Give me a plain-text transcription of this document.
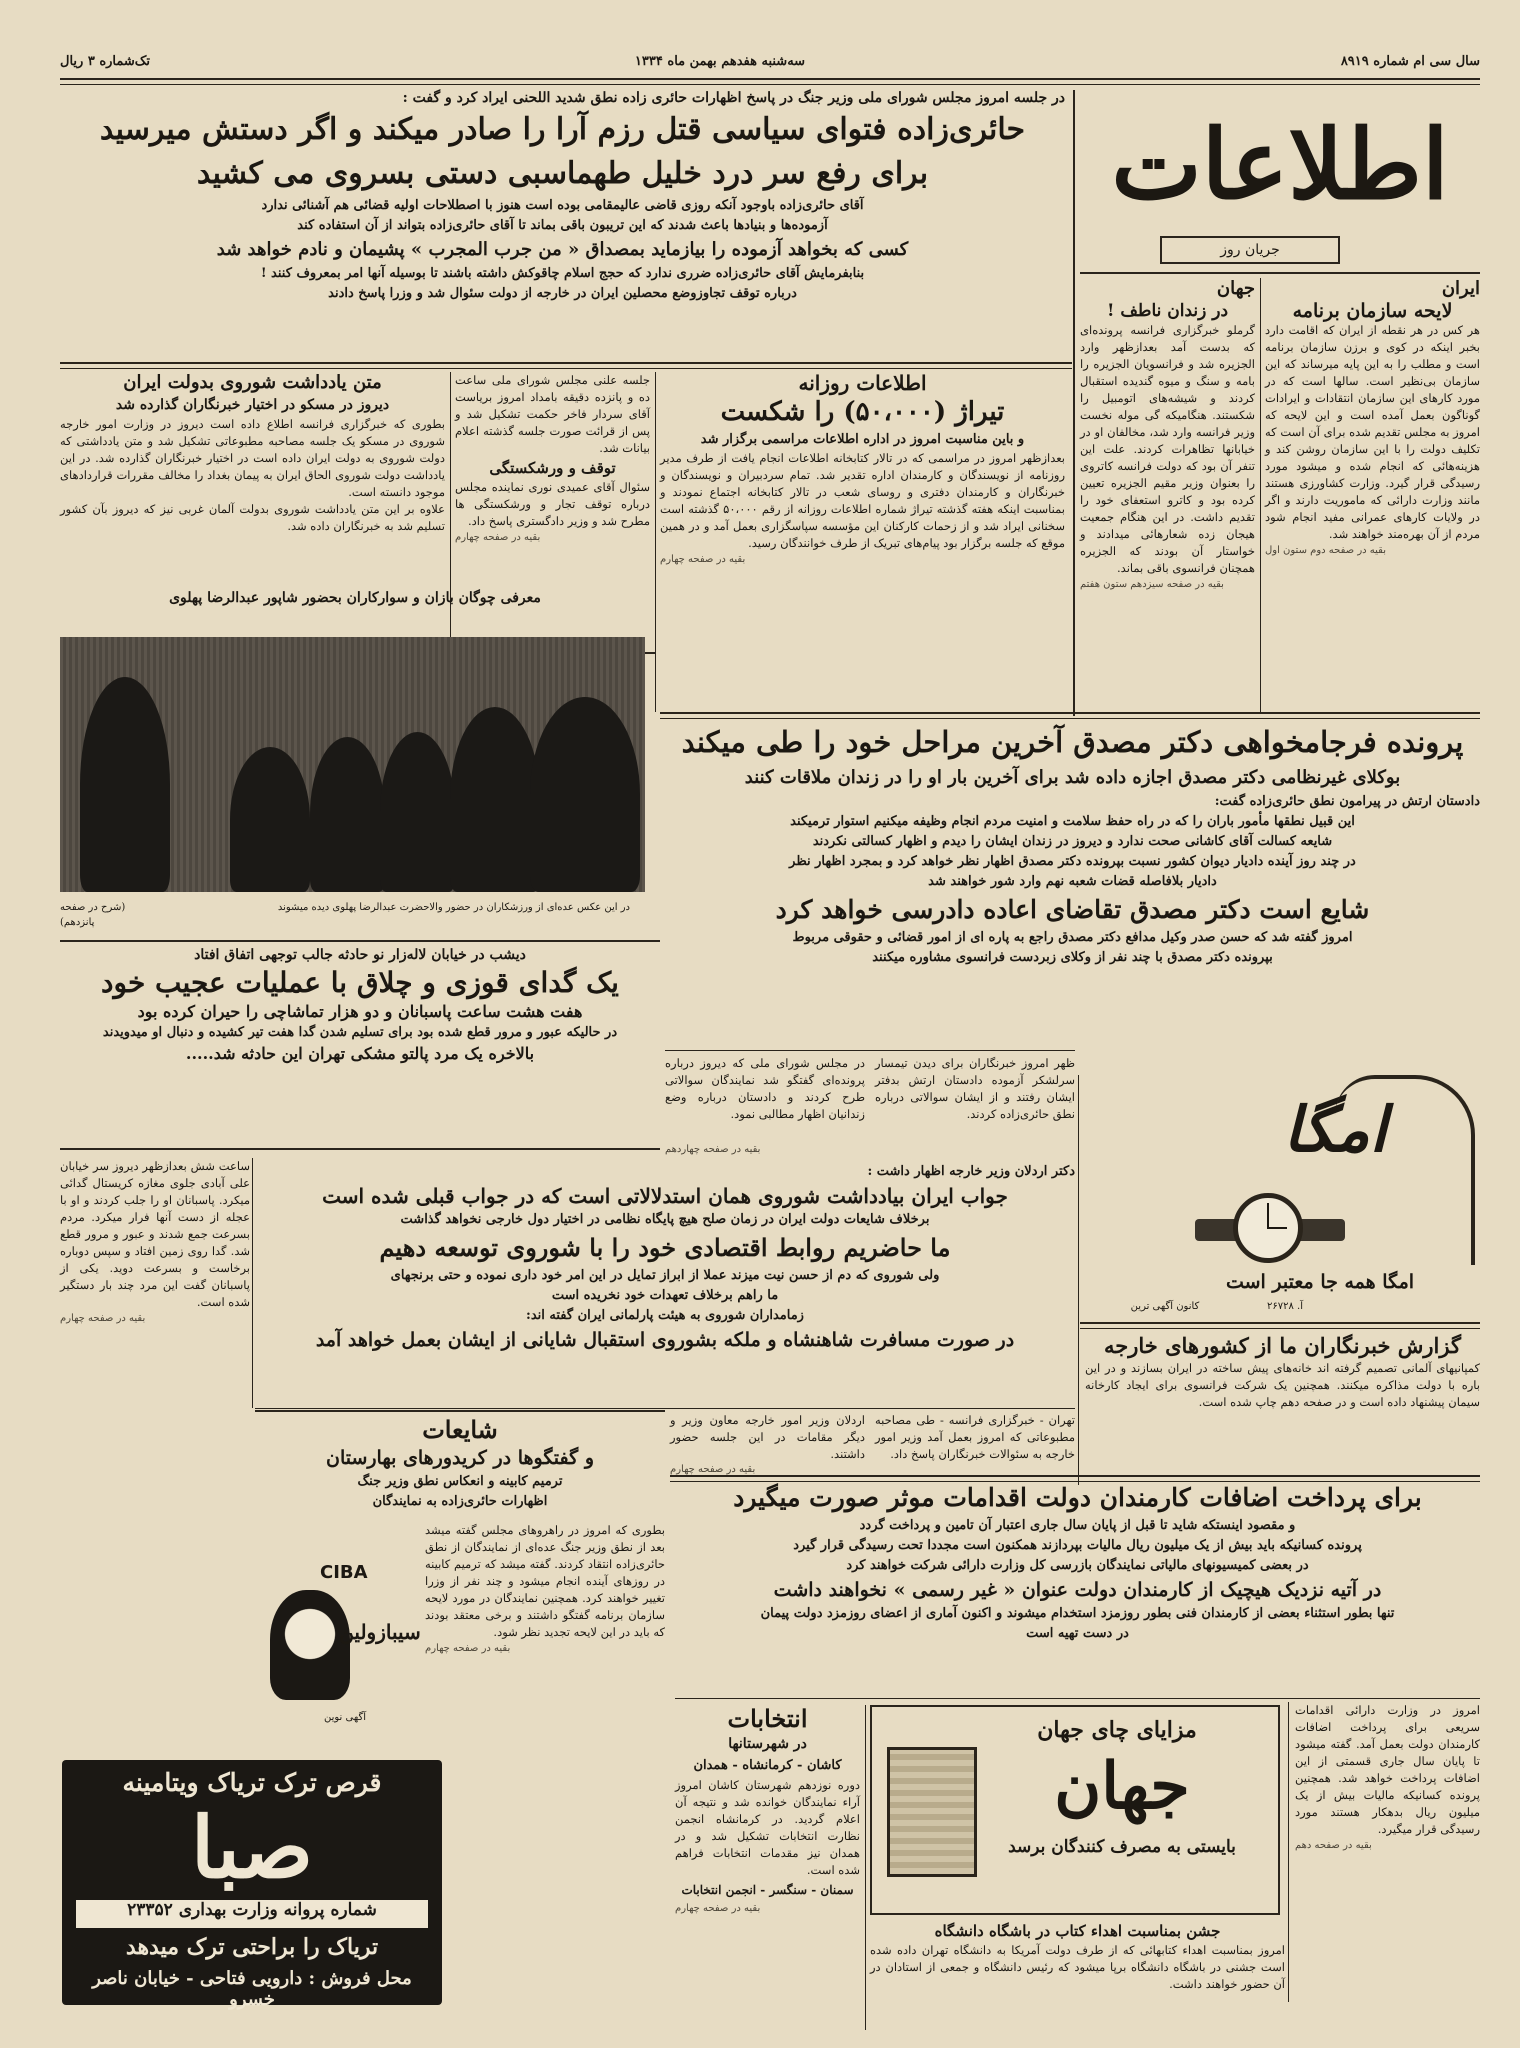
سال سی ام شماره ۸۹۱۹
سه‌شنبه هفدهم بهمن ماه ۱۳۳۴
تک‌شماره ۳ ریال
اطلاعات
جریان روز
ایران
لایحه سازمان برنامه
هر کس در هر نقطه از ایران که اقامت دارد بخبر اینکه در کوی و برزن سازمان برنامه است و مطلب را به این پایه میرساند که این سازمان بی‌نظیر است. سالها است که در مورد کارهای این سازمان انتقادات و ایرادات گوناگون بعمل آمده است و این لایحه که امروز به مجلس تقدیم شده برای آن است که تکلیف دولت را با این سازمان روشن کند و هزینه‌هائی که انجام شده و میشود مورد رسیدگی قرار گیرد. وزارت کشاورزی هستند مانند وزارت دارائی که ماموریت دارند و اگر در ولایات کارهای عمرانی مفید انجام شود مردم از آن بهره‌مند خواهند شد.
بقیه در صفحه دوم ستون اول
جهان
در زندان ناطف !
گرملو خبرگزاری فرانسه پرونده‌ای که بدست آمد بعدازظهر وارد الجزیره شد و فرانسویان الجزیره را بامه و سنگ و میوه گندیده استقبال کردند و شیشه‌های اتومبیل را شکستند. هنگامیکه گی موله نخست وزیر فرانسه وارد شد، مخالفان او در خیابانها تظاهرات کردند. علت این تنفر آن بود که دولت فرانسه کاتروی را بعنوان وزیر مقیم الجزیره تعیین کرده بود و کاترو استعفای خود را تقدیم داشت. در این هنگام جمعیت هیجان زده شعارهائی میدادند و خواستار آن بودند که الجزیره همچنان فرانسوی باقی بماند.
بقیه در صفحه سیزدهم ستون هفتم
در جلسه امروز مجلس شورای ملی وزیر جنگ در پاسخ اظهارات حائری زاده نطق شدید اللحنی ایراد کرد و گفت :
حائری‌زاده فتوای سیاسی قتل رزم آرا را صادر میکند و اگر دستش میرسید
برای رفع سر درد خلیل طهماسبی دستی بسروی می کشید
آقای حائری‌زاده باوجود آنکه روزی قاضی عالیمقامی بوده است هنوز با اصطلاحات اولیه قضائی هم آشنائی ندارد
آزموده‌ها و بنیادها باعث شدند که این تریبون باقی بماند تا آقای حائری‌زاده بتواند از آن استفاده کند
کسی که بخواهد آزموده را بیازماید بمصداق « من جرب المجرب » پشیمان و نادم خواهد شد
بنابفرمایش آقای حائری‌زاده ضرری ندارد که حجج اسلام چاقوکش داشته باشند تا بوسیله آنها امر بمعروف کنند !
درباره توقف تجاوزوضع محصلین ایران در خارجه از دولت سئوال شد و وزرا پاسخ دادند
اطلاعات روزانه
تیراژ (۵۰،۰۰۰) را شکست
و باین مناسبت امروز در اداره اطلاعات مراسمی برگزار شد
بعدازظهر امروز در مراسمی که در تالار کتابخانه اطلاعات انجام یافت از طرف مدیر روزنامه از نویسندگان و کارمندان اداره تقدیر شد. تمام سردبیران و نویسندگان و خبرنگاران و کارمندان دفتری و روسای شعب در تالار کتابخانه اجتماع نمودند و بمناسبت اینکه هفته گذشته تیراژ شماره اطلاعات روزانه از رقم ۵۰،۰۰۰ گذشته است سخنانی ایراد شد و از زحمات کارکنان این مؤسسه سپاسگزاری بعمل آمد و در همین موقع که جلسه برگزار بود پیام‌های تبریک از طرف خوانندگان رسید.
بقیه در صفحه چهارم
جلسه علنی مجلس شورای ملی ساعت ده و پانزده دقیقه بامداد امروز بریاست آقای سردار فاخر حکمت تشکیل شد و پس از قرائت صورت جلسه گذشته اعلام بیانات شد.
توقف و ورشکستگی
سئوال آقای عمیدی نوری نماینده مجلس درباره توقف تجار و ورشکستگی ها مطرح شد و وزیر دادگستری پاسخ داد.
بقیه در صفحه چهارم
متن یادداشت شوروی بدولت ایران
دیروز در مسکو در اختیار خبرنگاران گذارده شد
بطوری که خبرگزاری فرانسه اطلاع داده است دیروز در وزارت امور خارجه شوروی در مسکو یک جلسه مصاحبه مطبوعاتی تشکیل شد و متن یادداشتی که دولت شوروی به دولت ایران داده است در اختیار خبرنگاران گذارده شد. در این یادداشت دولت شوروی الحاق ایران به پیمان بغداد را مخالف مقررات قراردادهای موجود دانسته است.
علاوه بر این متن یادداشت شوروی بدولت آلمان غربی نیز که دیروز بآن کشور تسلیم شد به خبرنگاران داده شد.
معرفی چوگان بازان و سوارکاران بحضور شاپور عبدالرضا پهلوی
در این عکس عده‌ای از ورزشکاران در حضور والاحضرت عبدالرضا پهلوی دیده میشوند
(شرح در صفحه پانزدهم)
پرونده فرجامخواهی دکتر مصدق آخرین مراحل خود را طی میکند
بوکلای غیرنظامی دکتر مصدق اجازه داده شد برای آخرین بار او را در زندان ملاقات کنند
دادستان ارتش در پیرامون نطق حائری‌زاده گفت:
این قبیل نطقها مأمور باران را که در راه حفظ سلامت و امنیت مردم انجام وظیفه میکنیم استوار ترمیکند
شایعه کسالت آقای کاشانی صحت ندارد و دیروز در زندان ایشان را دیدم و اظهار کسالتی نکردند
در چند روز آینده دادیار دیوان کشور نسبت بپرونده دکتر مصدق اظهار نظر خواهد کرد و بمجرد اظهار نظر
دادیار بلافاصله قضات شعبه نهم وارد شور خواهند شد
شایع است دکتر مصدق تقاضای اعاده دادرسی خواهد کرد
امروز گفته شد که حسن صدر وکیل مدافع دکتر مصدق راجع به پاره ای از امور قضائی و حقوقی مربوط
بپرونده دکتر مصدق با چند نفر از وکلای زبردست فرانسوی مشاوره میکنند
ظهر امروز خبرنگاران برای دیدن تیمسار سرلشکر آزموده دادستان ارتش بدفتر ایشان رفتند و از ایشان سوالاتی درباره نطق حائری‌زاده کردند.
در مجلس شورای ملی که دیروز درباره پرونده‌ای گفتگو شد نمایندگان سوالاتی طرح کردند و دادستان درباره وضع زندانیان اظهار مطالبی نمود.
بقیه در صفحه چهاردهم
دیشب در خیابان لاله‌زار نو حادثه جالب توجهی اتفاق افتاد
یک گدای قوزی و چلاق با عملیات عجیب خود
هفت هشت ساعت پاسبانان و دو هزار تماشاچی را حیران کرده بود
در حالیکه عبور و مرور قطع شده بود برای تسلیم شدن گدا هفت تیر کشیده و دنبال او میدویدند
بالاخره یک مرد پالتو مشکی تهران این حادثه شد.....
دکتر اردلان وزیر خارجه اظهار داشت :
جواب ایران بیادداشت شوروی همان استدلالاتی است که در جواب قبلی شده است
برخلاف شایعات دولت ایران در زمان صلح هیچ پایگاه نظامی در اختیار دول خارجی نخواهد گذاشت
ما حاضریم روابط اقتصادی خود را با شوروی توسعه دهیم
ولی شوروی که دم از حسن نیت میزند عملا از ابراز تمایل در این امر خود داری نموده و حتی برنجهای
ما راهم برخلاف تعهدات خود نخریده است
زمامداران شوروی به هیئت پارلمانی ایران گفته اند:
در صورت مسافرت شاهنشاه و ملکه بشوروی استقبال شایانی از ایشان بعمل خواهد آمد
تهران - خبرگزاری فرانسه - طی مصاحبه مطبوعاتی که امروز بعمل آمد وزیر امور خارجه به سئوالات خبرنگاران پاسخ داد.
اردلان وزیر امور خارجه معاون وزیر و دیگر مقامات در این جلسه حضور داشتند.
بقیه در صفحه چهارم
ساعت شش بعدازظهر دیروز سر خیابان علی آبادی جلوی مغازه کریستال گدائی میکرد. پاسبانان او را جلب کردند و او با عجله از دست آنها فرار میکرد. مردم بسرعت جمع شدند و عبور و مرور قطع شد. گدا روی زمین افتاد و سپس دوباره برخاست و بسرعت دوید. یکی از پاسبانان گفت این مرد چند بار دستگیر شده است.
بقیه در صفحه چهارم
امگا
امگا همه جا معتبر است
آ. ۲۶۷۲۸
کانون آگهی ترین
گزارش خبرنگاران ما از کشورهای خارجه
کمپانیهای آلمانی تصمیم گرفته اند خانه‌های پیش ساخته در ایران بسازند و در این باره با دولت مذاکره میکنند. همچنین یک شرکت فرانسوی برای ایجاد کارخانه سیمان پیشنهاد داده است و در صفحه دهم چاپ شده است.
برای پرداخت اضافات کارمندان دولت اقدامات موثر صورت میگیرد
و مقصود اینستکه شاید تا قبل از پایان سال جاری اعتبار آن تامین و پرداخت گردد
پرونده کسانیکه باید بیش از یک میلیون ریال مالیات بپردازند همکنون است مجددا تحت رسیدگی قرار گیرد
در بعضی کمیسیونهای مالیاتی نمایندگان بازرسی کل وزارت دارائی شرکت خواهند کرد
در آتیه نزدیک هیچیک از کارمندان دولت عنوان « غیر رسمی » نخواهند داشت
تنها بطور استثناء بعضی از کارمندان فنی بطور روزمزد استخدام میشوند و اکنون آماری از اعضای روزمزد دولت پیمان
در دست تهیه است
امروز در وزارت دارائی اقدامات سریعی برای پرداخت اضافات کارمندان دولت بعمل آمد. گفته میشود تا پایان سال جاری قسمتی از این اضافات پرداخت خواهد شد. همچنین پرونده کسانیکه مالیات بیش از یک میلیون ریال بدهکار هستند مورد رسیدگی قرار میگیرد.
بقیه در صفحه دهم
مزایای چای جهان
جهان
بایستی به مصرف کنندگان برسد
جشن بمناسبت اهداء کتاب در باشگاه دانشگاه
امروز بمناسبت اهداء کتابهائی که از طرف دولت آمریکا به دانشگاه تهران داده شده است جشنی در باشگاه دانشگاه برپا میشود که رئیس دانشگاه و جمعی از استادان در آن حضور خواهند داشت.
انتخابات
در شهرستانها
کاشان - کرمانشاه - همدان
دوره نوزدهم شهرستان کاشان امروز آراء نمایندگان خوانده شد و نتیجه آن اعلام گردید. در کرمانشاه انجمن نظارت انتخابات تشکیل شد و در همدان نیز مقدمات انتخابات فراهم شده است.
سمنان - سنگسر - انجمن انتخابات
بقیه در صفحه چهارم
شایعات
و گفتگوها در کریدورهای بهارستان
ترمیم کابینه و انعکاس نطق وزیر جنگ
اظهارات حائری‌زاده به نمایندگان
بطوری که امروز در راهروهای مجلس گفته میشد بعد از نطق وزیر جنگ عده‌ای از نمایندگان از نطق حائری‌زاده انتقاد کردند. گفته میشد که ترمیم کابینه در روزهای آینده انجام میشود و چند نفر از وزرا تغییر خواهند کرد. همچنین نمایندگان در مورد لایحه سازمان برنامه گفتگو داشتند و برخی معتقد بودند که باید در این لایحه تجدید نظر شود.
بقیه در صفحه چهارم
CIBA
سیبازولین
آگهی نوین
قرص ترک تریاک ویتامینه
صبا
شماره پروانه وزارت بهداری ۲۳۳۵۲
تریاک را براحتی ترک میدهد
محل فروش : دارویی فتاحی - خیابان ناصر خسرو
